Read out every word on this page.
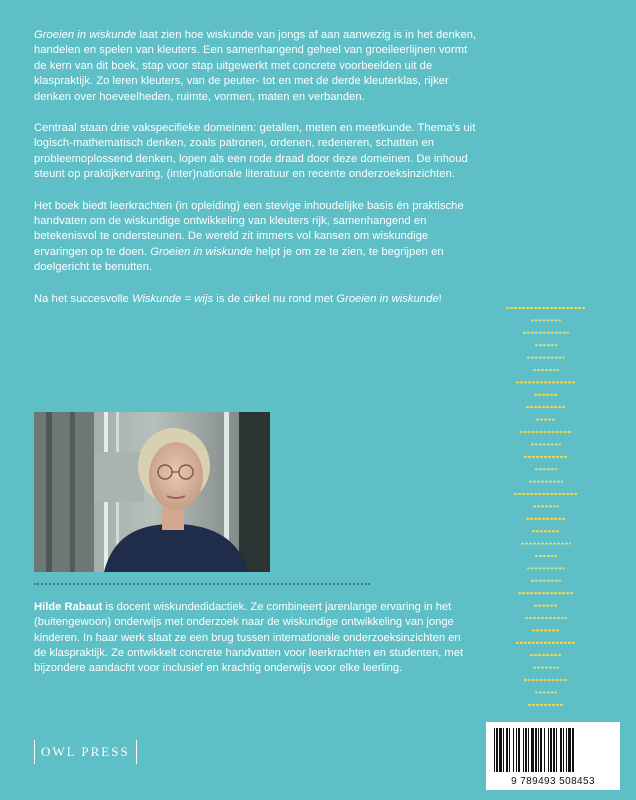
Groeien in wiskunde laat zien hoe wiskunde van jongs af aan aanwezig is in het denken, handelen en spelen van kleuters. Een samenhangend geheel van groeileerlijnen vormt de kern van dit boek, stap voor stap uitgewerkt met concrete voorbeelden uit de klaspraktijk. Zo leren kleuters, van de peuter- tot en met de derde kleuterklas, rijker denken over hoeveelheden, ruimte, vormen, maten en verbanden.

Centraal staan drie vakspecifieke domeinen: getallen, meten en meetkunde. Thema's uit logisch-mathematisch denken, zoals patronen, ordenen, redeneren, schatten en probleemoplossend denken, lopen als een rode draad door deze domeinen. De inhoud steunt op praktijkervaring, (inter)nationale literatuur en recente onderzoeksinzichten.

Het boek biedt leerkrachten (in opleiding) een stevige inhoudelijke basis én praktische handvaten om de wiskundige ontwikkeling van kleuters rijk, samenhangend en betekenisvol te ondersteunen. De wereld zit immers vol kansen om wiskundige ervaringen op te doen. Groeien in wiskunde helpt je om ze te zien, te begrijpen en doelgericht te benutten.

Na het succesvolle Wiskunde = wijs is de cirkel nu rond met Groeien in wiskunde!

Hilde Rabaut is docent wiskundedidactiek. Ze combineert jarenlange ervaring in het (buitengewoon) onderwijs met onderzoek naar de wiskundige ontwikkeling van jonge kinderen. In haar werk slaat ze een brug tussen internationale onderzoeksinzichten en de klaspraktijk. Ze ontwikkelt concrete handvatten voor leerkrachten en studenten, met bijzondere aandacht voor inclusief en krachtig onderwijs voor elke leerling.
OWL PRESS
9 789493 508453
